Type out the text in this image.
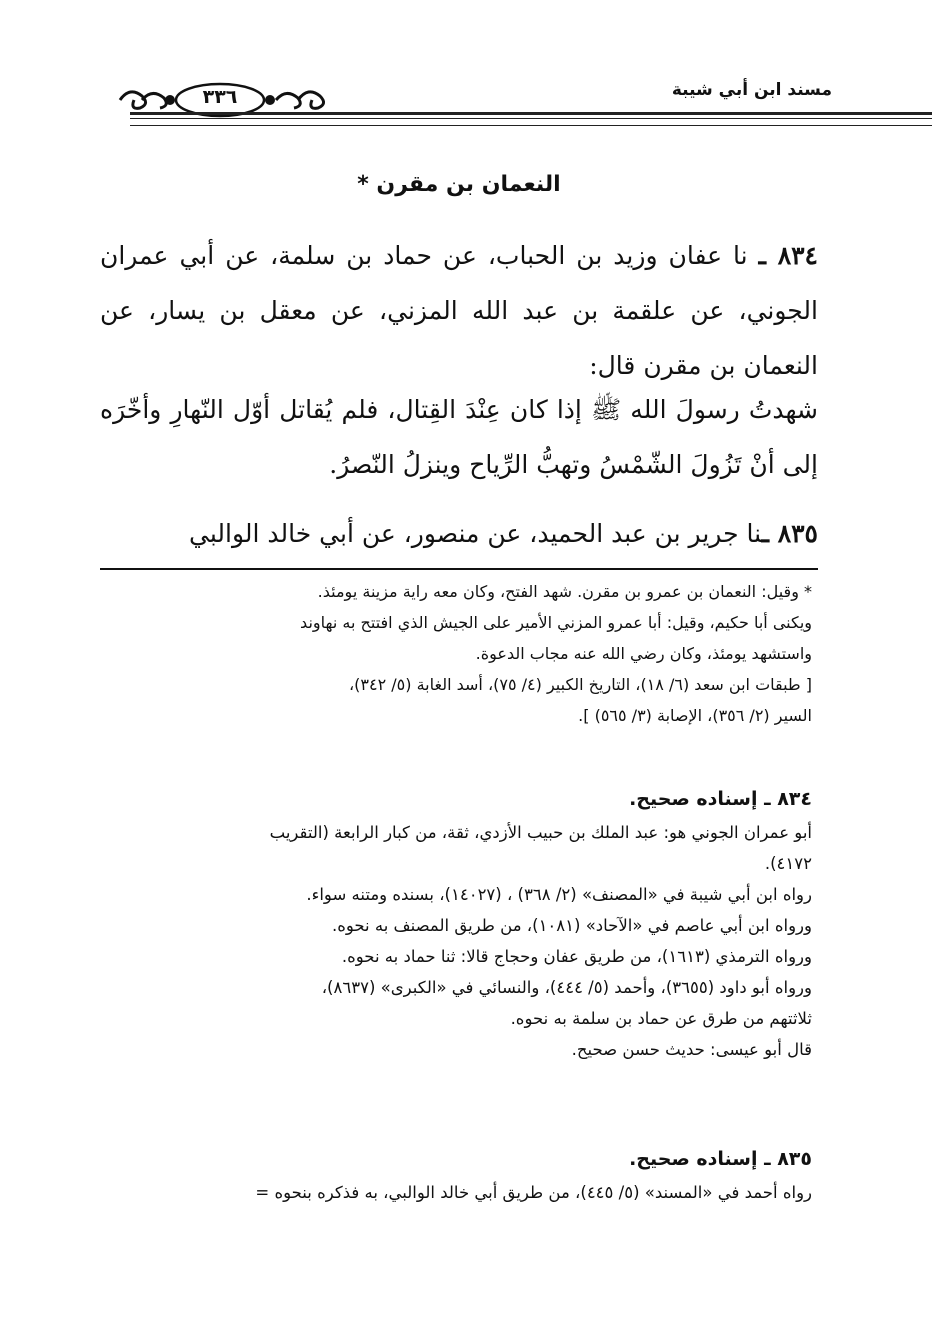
مسند ابن أبي شيبة
٣٣٦
النعمان بن مقرن *

٨٣٤ ـ نا عفان وزيد بن الحباب، عن حماد بن سلمة، عن أبي عمران الجوني، عن علقمة بن عبد الله المزني، عن معقل بن يسار، عن النعمان بن مقرن قال:

شهدتُ رسولَ الله ﷺ إذا كان عِنْدَ القِتال، فلم يُقاتل أوّل النّهارِ وأخّرَه إلى أنْ تَزُولَ الشّمْسُ وتهبُّ الرِّياح وينزلُ النّصرُ.

٨٣٥ ـنا جرير بن عبد الحميد، عن منصور، عن أبي خالد الوالبي

* وقيل: النعمان بن عمرو بن مقرن. شهد الفتح، وكان معه راية مزينة يومئذ.

ويكنى أبا حكيم، وقيل: أبا عمرو المزني الأمير على الجيش الذي افتتح به نهاوند

واستشهد يومئذ، وكان رضي الله عنه مجاب الدعوة.

[ طبقات ابن سعد (٦/ ١٨)، التاريخ الكبير (٤/ ٧٥)، أسد الغابة (٥/ ٣٤٢)،

السير (٢/ ٣٥٦)، الإصابة (٣/ ٥٦٥) ].

٨٣٤ ـ إسناده صحيح.

أبو عمران الجوني هو: عبد الملك بن حبيب الأزدي، ثقة، من كبار الرابعة (التقريب

٤١٧٢).

رواه ابن أبي شيبة في «المصنف» (٢/ ٣٦٨) ، (١٤٠٢٧)، بسنده ومتنه سواء.

ورواه ابن أبي عاصم في «الآحاد» (١٠٨١)، من طريق المصنف به نحوه.

ورواه الترمذي (١٦١٣)، من طريق عفان وحجاج قالا: ثنا حماد به نحوه.

ورواه أبو داود (٣٦٥٥)، وأحمد (٥/ ٤٤٤)، والنسائي في «الكبرى» (٨٦٣٧)،

ثلاثتهم من طرق عن حماد بن سلمة به نحوه.

قال أبو عيسى: حديث حسن صحيح.

٨٣٥ ـ إسناده صحيح.

رواه أحمد في «المسند» (٥/ ٤٤٥)، من طريق أبي خالد الوالبي، به فذكره بنحوه =
